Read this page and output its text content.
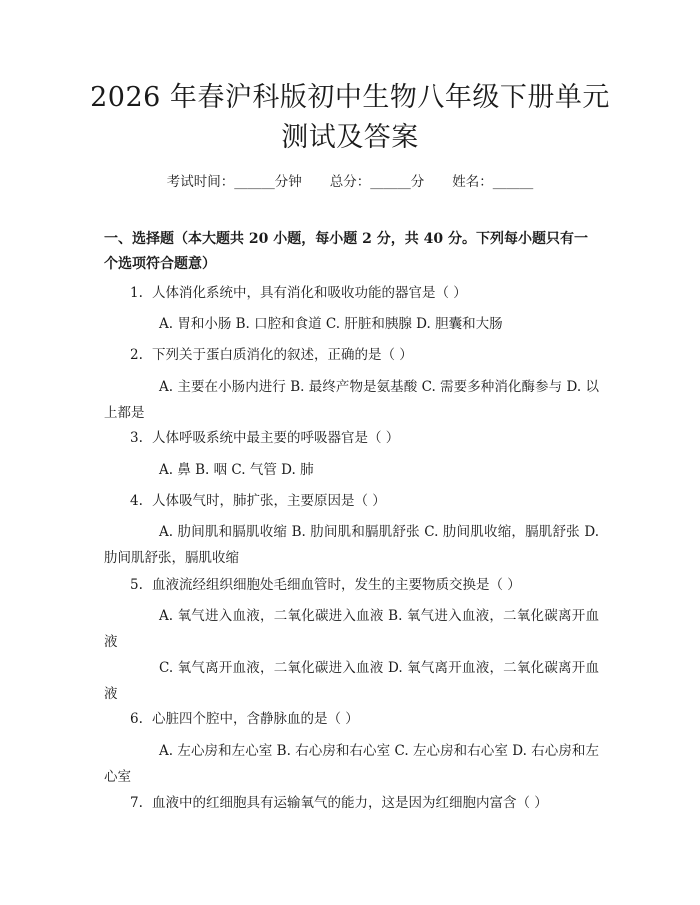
2026 年春沪科版初中生物八年级下册单元测试及答案
考试时间：______分钟 总分：______分 姓名：______
一、选择题（本大题共 20 小题，每小题 2 分，共 40 分。下列每小题只有一个选项符合题意）
1. 人体消化系统中，具有消化和吸收功能的器官是（ ）
A. 胃和小肠 B. 口腔和食道 C. 肝脏和胰腺 D. 胆囊和大肠
2. 下列关于蛋白质消化的叙述，正确的是（ ）
A. 主要在小肠内进行 B. 最终产物是氨基酸 C. 需要多种消化酶参与 D. 以上都是
3. 人体呼吸系统中最主要的呼吸器官是（ ）
A. 鼻 B. 咽 C. 气管 D. 肺
4. 人体吸气时，肺扩张，主要原因是（ ）
A. 肋间肌和膈肌收缩 B. 肋间肌和膈肌舒张 C. 肋间肌收缩，膈肌舒张 D. 肋间肌舒张，膈肌收缩
5. 血液流经组织细胞处毛细血管时，发生的主要物质交换是（ ）
A. 氧气进入血液，二氧化碳进入血液 B. 氧气进入血液，二氧化碳离开血液
C. 氧气离开血液，二氧化碳进入血液 D. 氧气离开血液，二氧化碳离开血液
6. 心脏四个腔中，含静脉血的是（ ）
A. 左心房和左心室 B. 右心房和右心室 C. 左心房和右心室 D. 右心房和左心室
7. 血液中的红细胞具有运输氧气的能力，这是因为红细胞内富含（ ）
